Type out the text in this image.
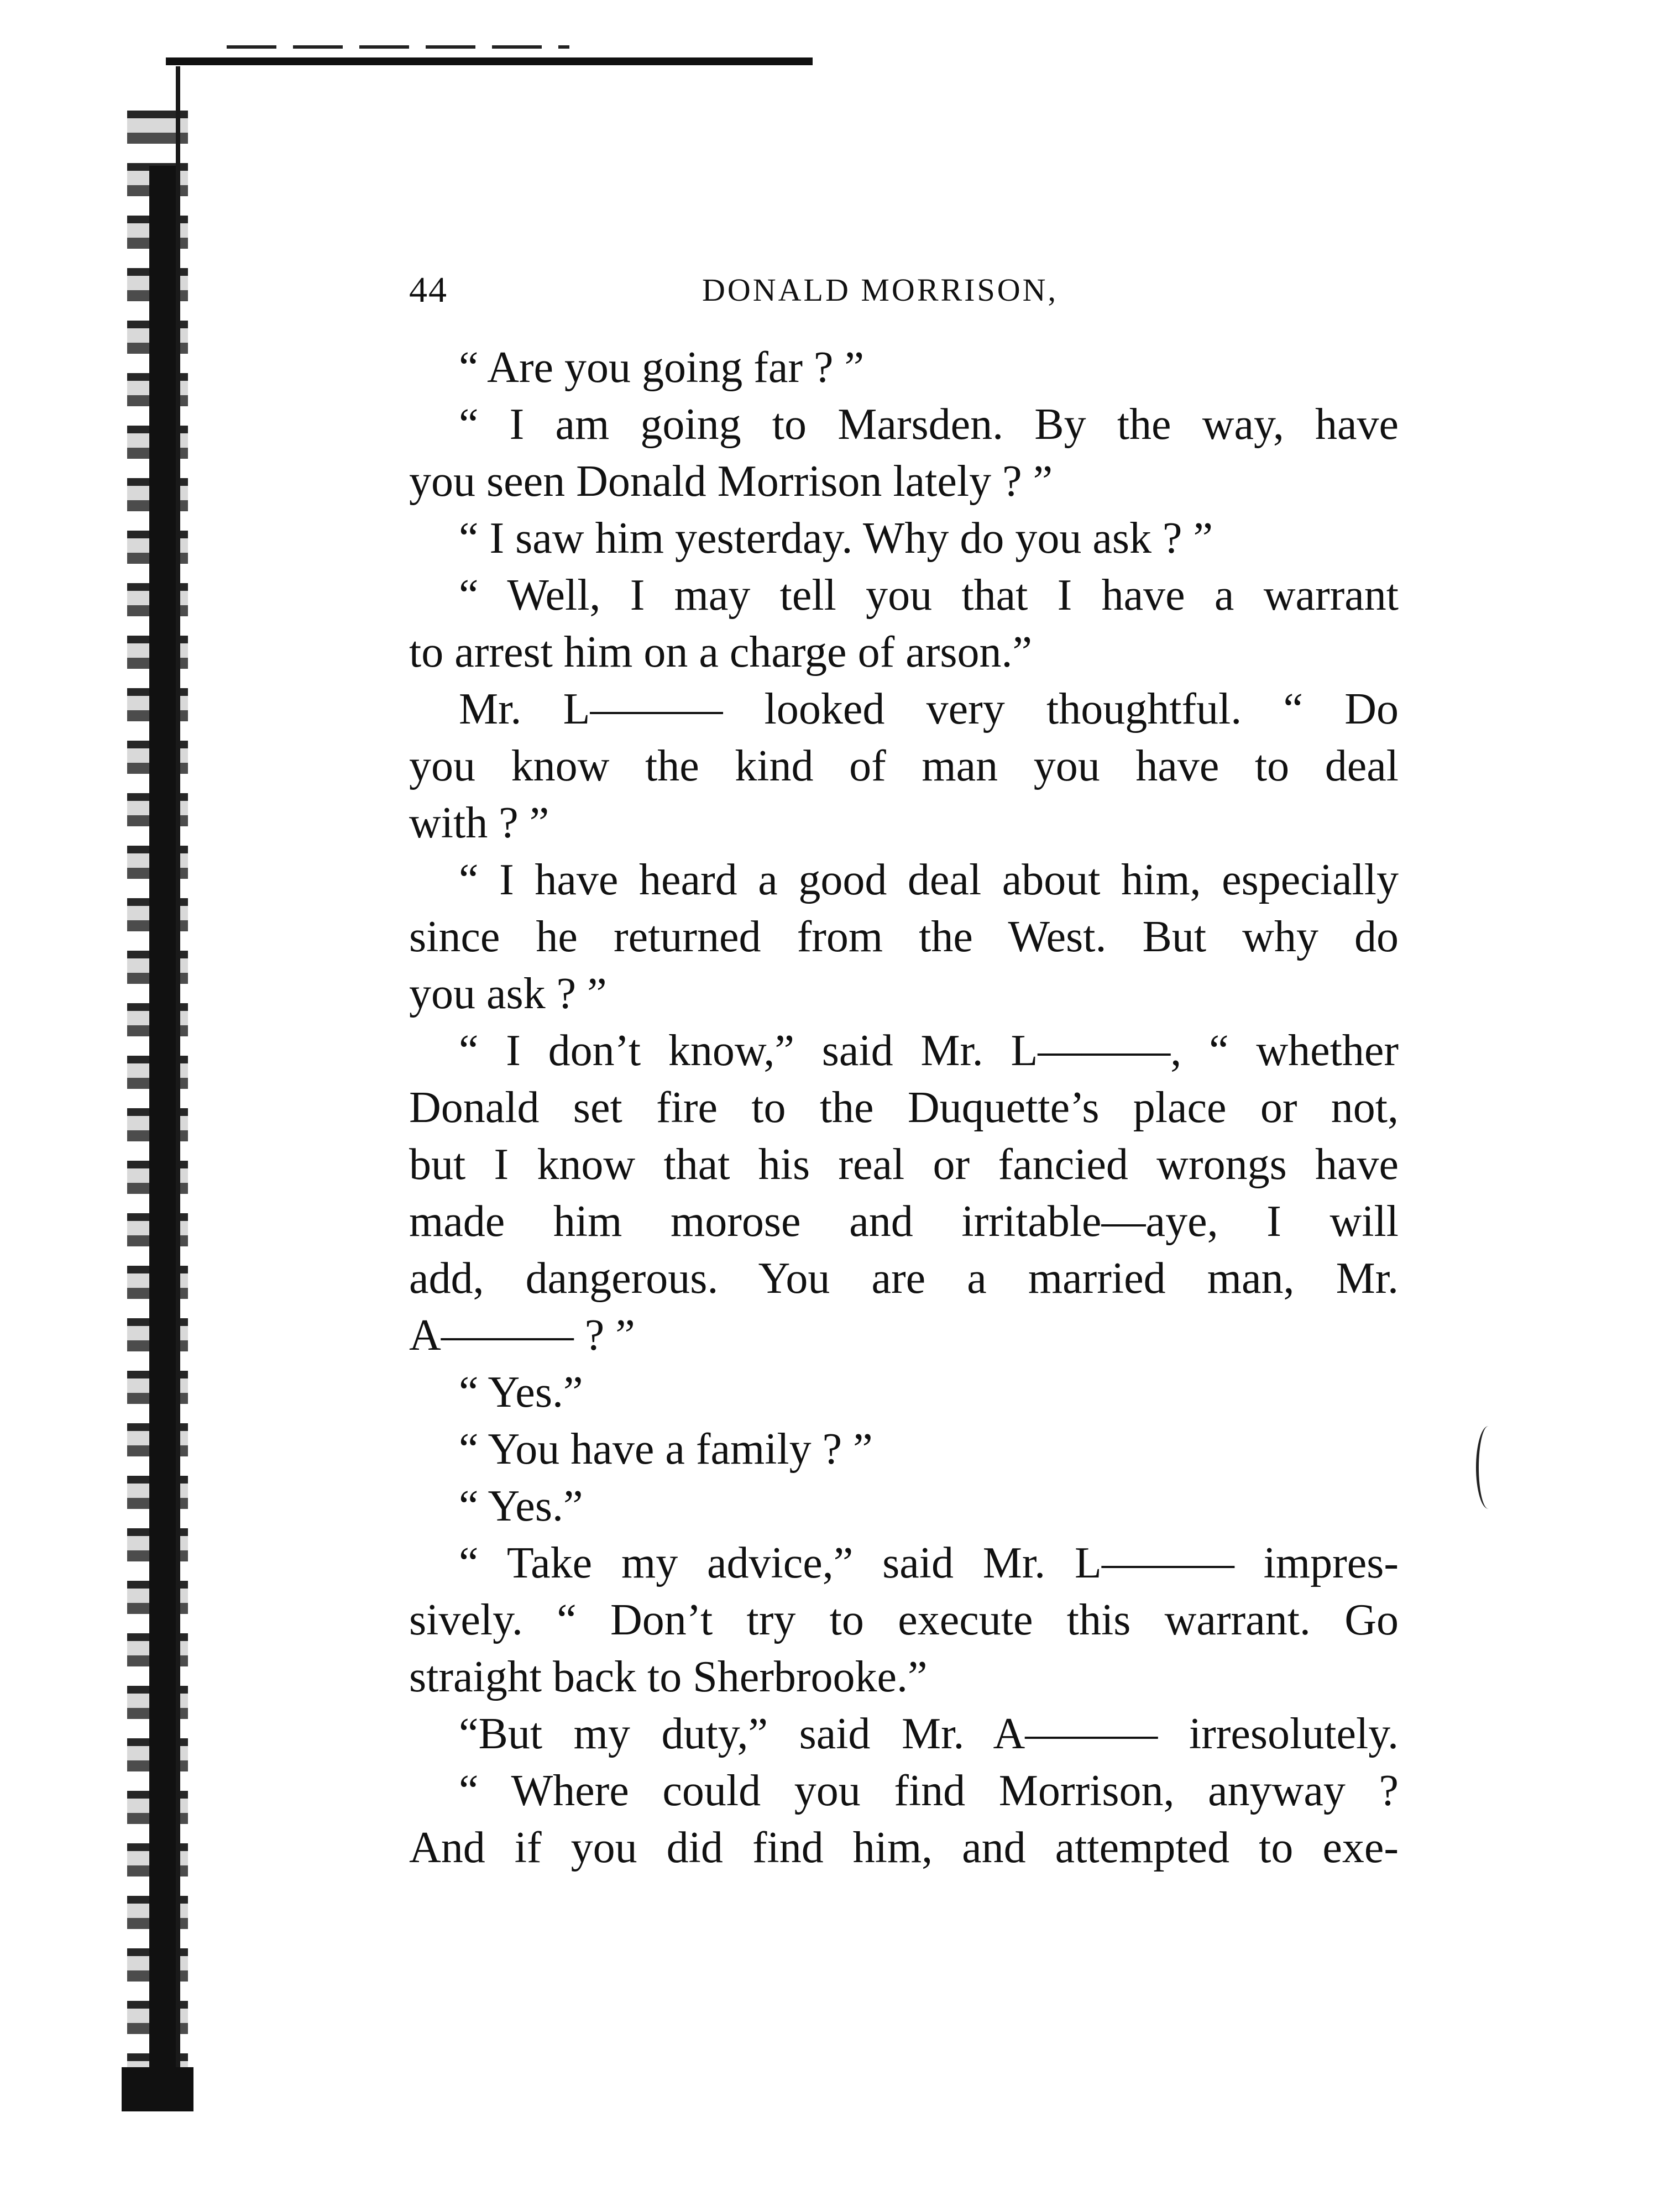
44	DONALD MORRISON,
“ Are you going far ? ”
“ I am going to Marsden. By the way, have
you seen Donald Morrison lately ? ”
“ I saw him yesterday. Why do you ask ? ”
“ Well, I may tell you that I have a warrant
to arrest him on a charge of arson.”
Mr. L——— looked very thoughtful. “ Do
you know the kind of man you have to deal
with ? ”
“ I have heard a good deal about him, especially
since he returned from the West. But why do
you ask ? ”
“ I don’t know,” said Mr. L———, “ whether
Donald set fire to the Duquette’s place or not,
but I know that his real or fancied wrongs have
made him morose and irritable—aye, I will
add, dangerous. You are a married man, Mr.
A——— ? ”
“ Yes.”
“ You have a family ? ”
“ Yes.”
“ Take my advice,” said Mr. L——— impres-
sively. “ Don’t try to execute this warrant. Go
straight back to Sherbrooke.”
“But my duty,” said Mr. A——— irresolutely.
“ Where could you find Morrison, anyway ?
And if you did find him, and attempted to exe-
